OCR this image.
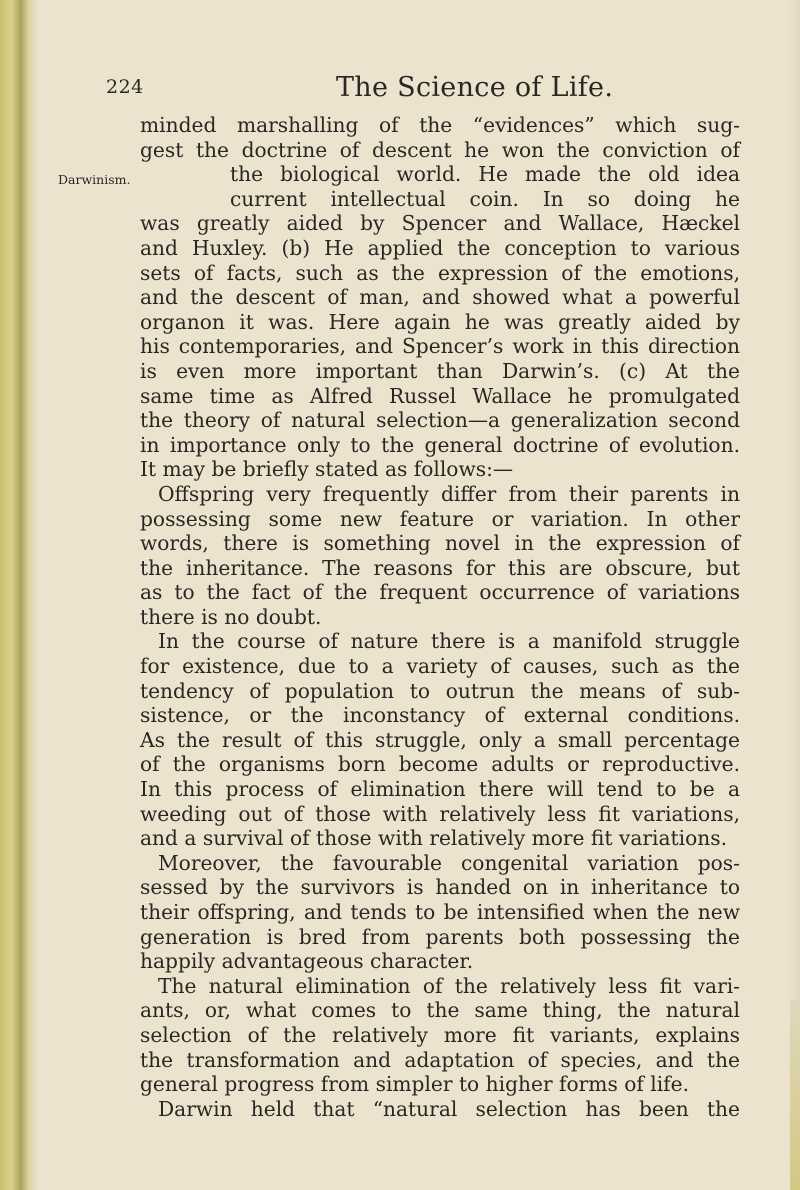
224	The Science of Life.
Darwinism.
minded marshalling of the “evidences” which sug-
gest the doctrine of descent he won the conviction of
the biological world. He made the old idea
current intellectual coin. In so doing he
was greatly aided by Spencer and Wallace, Hæckel
and Huxley. (b) He applied the conception to various
sets of facts, such as the expression of the emotions,
and the descent of man, and showed what a powerful
organon it was. Here again he was greatly aided by
his contemporaries, and Spencer’s work in this direction
is even more important than Darwin’s. (c) At the
same time as Alfred Russel Wallace he promulgated
the theory of natural selection—a generalization second
in importance only to the general doctrine of evolution.
It may be briefly stated as follows:—
Offspring very frequently differ from their parents in
possessing some new feature or variation. In other
words, there is something novel in the expression of
the inheritance. The reasons for this are obscure, but
as to the fact of the frequent occurrence of variations
there is no doubt.
In the course of nature there is a manifold struggle
for existence, due to a variety of causes, such as the
tendency of population to outrun the means of sub-
sistence, or the inconstancy of external conditions.
As the result of this struggle, only a small percentage
of the organisms born become adults or reproductive.
In this process of elimination there will tend to be a
weeding out of those with relatively less fit variations,
and a survival of those with relatively more fit variations.
Moreover, the favourable congenital variation pos-
sessed by the survivors is handed on in inheritance to
their offspring, and tends to be intensified when the new
generation is bred from parents both possessing the
happily advantageous character.
The natural elimination of the relatively less fit vari-
ants, or, what comes to the same thing, the natural
selection of the relatively more fit variants, explains
the transformation and adaptation of species, and the
general progress from simpler to higher forms of life.
Darwin held that “natural selection has been the
